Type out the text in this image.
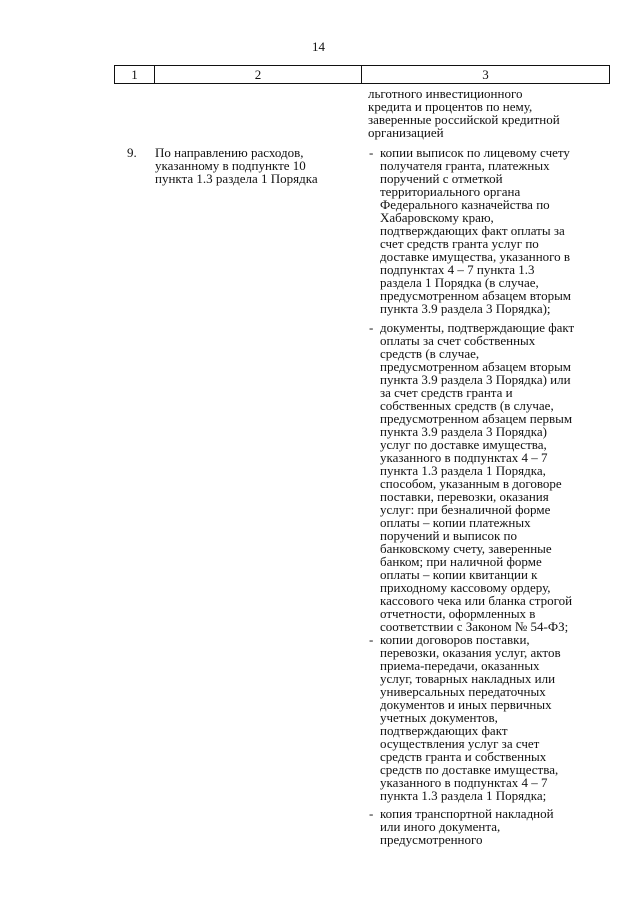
14
1	2	3
льготного инвестиционного
кредита и процентов по нему,
заверенные российской кредитной
организацией
9. По направлению расходов,
указанному в подпункте 10
пункта 1.3 раздела 1 Порядка
- копии выписок по лицевому счету
получателя гранта, платежных
поручений с отметкой
территориального органа
Федерального казначейства по
Хабаровскому краю,
подтверждающих факт оплаты за
счет средств гранта услуг по
доставке имущества, указанного в
подпунктах 4 – 7 пункта 1.3
раздела 1 Порядка (в случае,
предусмотренном абзацем вторым
пункта 3.9 раздела 3 Порядка);
- документы, подтверждающие факт
оплаты за счет собственных
средств (в случае,
предусмотренном абзацем вторым
пункта 3.9 раздела 3 Порядка) или
за счет средств гранта и
собственных средств (в случае,
предусмотренном абзацем первым
пункта 3.9 раздела 3 Порядка)
услуг по доставке имущества,
указанного в подпунктах 4 – 7
пункта 1.3 раздела 1 Порядка,
способом, указанным в договоре
поставки, перевозки, оказания
услуг: при безналичной форме
оплаты – копии платежных
поручений и выписок по
банковскому счету, заверенные
банком; при наличной форме
оплаты – копии квитанции к
приходному кассовому ордеру,
кассового чека или бланка строгой
отчетности, оформленных в
соответствии с Законом № 54-ФЗ;
- копии договоров поставки,
перевозки, оказания услуг, актов
приема-передачи, оказанных
услуг, товарных накладных или
универсальных передаточных
документов и иных первичных
учетных документов,
подтверждающих факт
осуществления услуг за счет
средств гранта и собственных
средств по доставке имущества,
указанного в подпунктах 4 – 7
пункта 1.3 раздела 1 Порядка;
- копия транспортной накладной
или иного документа,
предусмотренного
